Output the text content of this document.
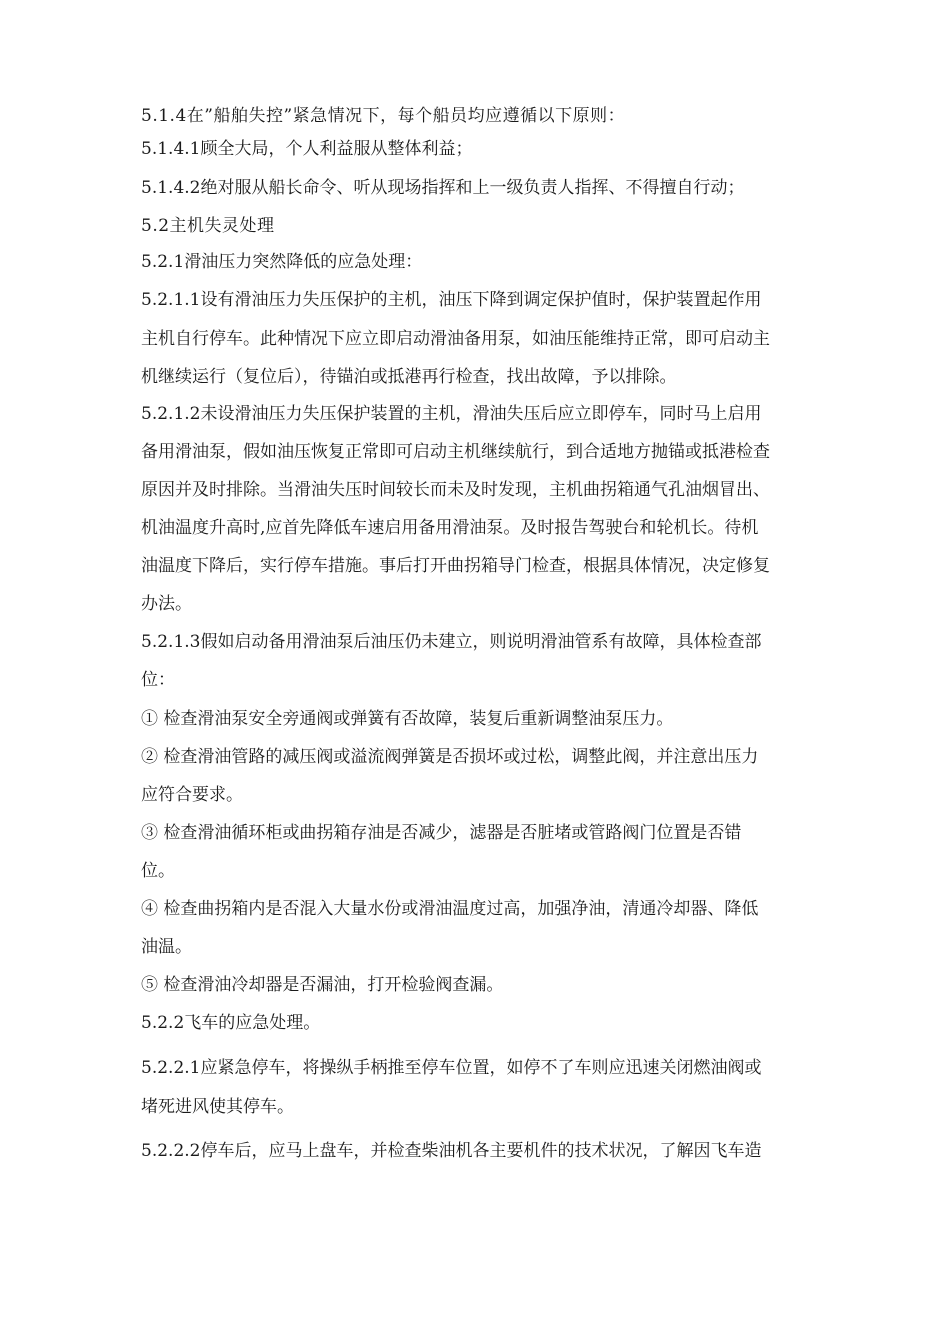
5.1.4在”船舶失控”紧急情况下，每个船员均应遵循以下原则：
5.1.4.1顾全大局，个人利益服从整体利益；
5.1.4.2绝对服从船长命令、听从现场指挥和上一级负责人指挥、不得擅自行动；
5.2主机失灵处理
5.2.1滑油压力突然降低的应急处理：
5.2.1.1设有滑油压力失压保护的主机，油压下降到调定保护值时，保护装置起作用
主机自行停车。此种情况下应立即启动滑油备用泵，如油压能维持正常，即可启动主
机继续运行（复位后），待锚泊或抵港再行检查，找出故障，予以排除。
5.2.1.2未设滑油压力失压保护装置的主机，滑油失压后应立即停车，同时马上启用
备用滑油泵，假如油压恢复正常即可启动主机继续航行，到合适地方抛锚或抵港检查
原因并及时排除。当滑油失压时间较长而未及时发现，主机曲拐箱通气孔油烟冒出、
机油温度升高时,应首先降低车速启用备用滑油泵。及时报告驾驶台和轮机长。待机
油温度下降后，实行停车措施。事后打开曲拐箱导门检查，根据具体情况，决定修复
办法。
5.2.1.3假如启动备用滑油泵后油压仍未建立，则说明滑油管系有故障，具体检查部
位：
① 检查滑油泵安全旁通阀或弹簧有否故障，装复后重新调整油泵压力。
② 检查滑油管路的减压阀或溢流阀弹簧是否损坏或过松，调整此阀，并注意出压力
应符合要求。
③ 检查滑油循环柜或曲拐箱存油是否减少，滤器是否脏堵或管路阀门位置是否错
位。
④ 检查曲拐箱内是否混入大量水份或滑油温度过高，加强净油，清通冷却器、降低
油温。
⑤ 检查滑油冷却器是否漏油，打开检验阀查漏。
5.2.2飞车的应急处理。
5.2.2.1应紧急停车，将操纵手柄推至停车位置，如停不了车则应迅速关闭燃油阀或
堵死进风使其停车。
5.2.2.2停车后，应马上盘车，并检查柴油机各主要机件的技术状况，了解因飞车造
